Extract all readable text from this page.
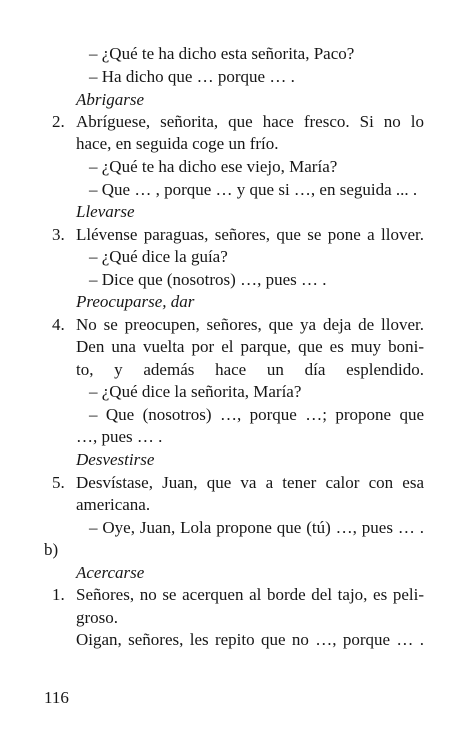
– ¿Qué te ha dicho esta señorita, Paco?
– Ha dicho que … porque … .
Abrigarse
2. Abríguese, señorita, que hace fresco. Si no lo
hace, en seguida coge un frío.
– ¿Qué te ha dicho ese viejo, María?
– Que … , porque … y que si …, en seguida ... .
Llevarse
3. Llévense paraguas, señores, que se pone a llover.
– ¿Qué dice la guía?
– Dice que (nosotros) …, pues … .
Preocuparse, dar
4. No se preocupen, señores, que ya deja de llover.
Den una vuelta por el parque, que es muy boni-
to, y además hace un día esplendido.
– ¿Qué dice la señorita, María?
– Que (nosotros) …, porque …; propone que
…, pues … .
Desvestirse
5. Desvístase, Juan, que va a tener calor con esa
americana.
– Oye, Juan, Lola propone que (tú) …, pues … .
b)
Acercarse
1. Señores, no se acerquen al borde del tajo, es peli-
groso.
Oigan, señores, les repito que no …, porque … .
116
